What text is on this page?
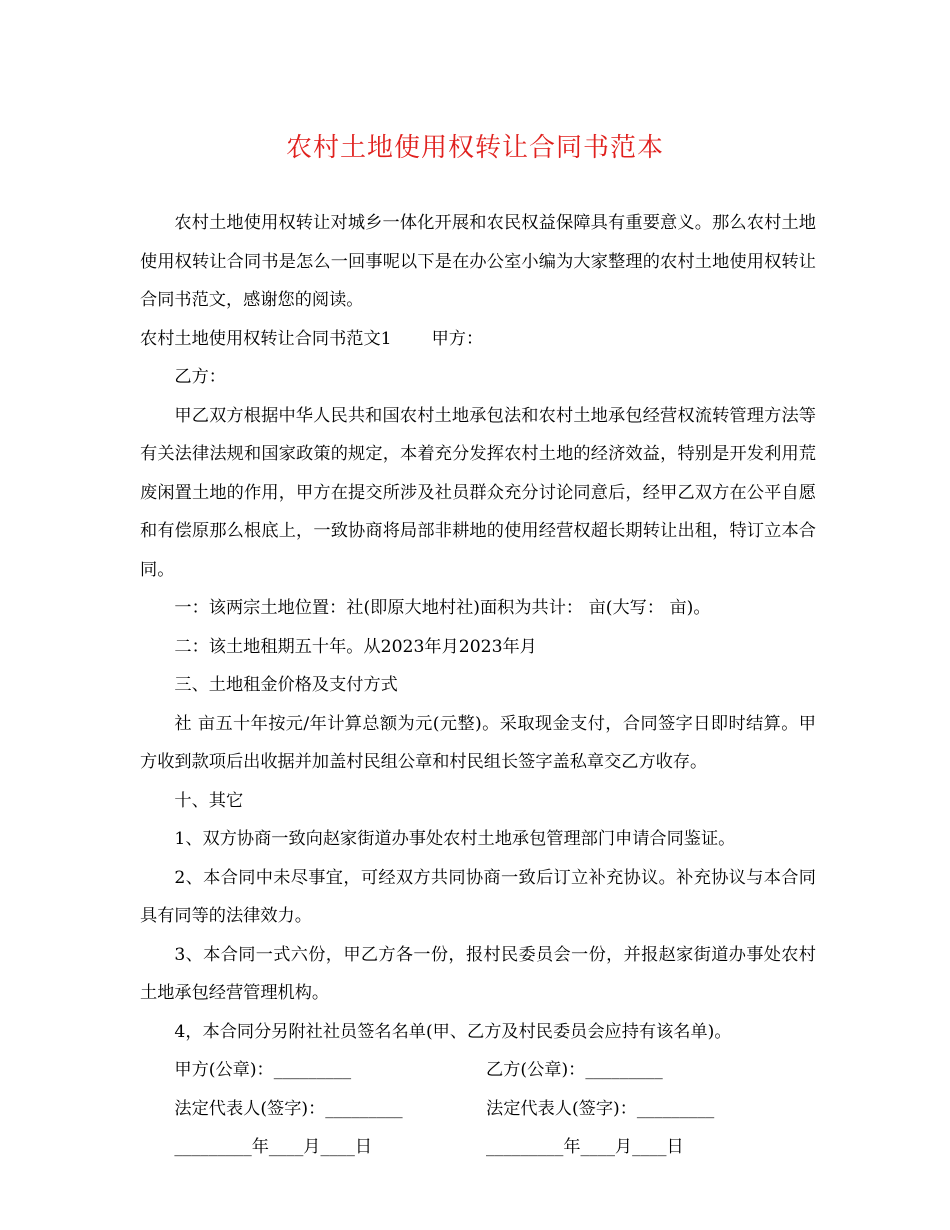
农村土地使用权转让合同书范本

农村土地使用权转让对城乡一体化开展和农民权益保障具有重要意义。那么农村土地使用权转让合同书是怎么一回事呢以下是在办公室小编为大家整理的农村土地使用权转让合同书范文，感谢您的阅读。

农村土地使用权转让合同书范文1 甲方：

乙方：

甲乙双方根据中华人民共和国农村土地承包法和农村土地承包经营权流转管理方法等有关法律法规和国家政策的规定，本着充分发挥农村土地的经济效益，特别是开发利用荒废闲置土地的作用，甲方在提交所涉及社员群众充分讨论同意后，经甲乙双方在公平自愿和有偿原那么根底上，一致协商将局部非耕地的使用经营权超长期转让出租，特订立本合同。

一：该两宗土地位置：社(即原大地村社)面积为共计： 亩(大写： 亩)。

二：该土地租期五十年。从2023年月2023年月

三、土地租金价格及支付方式

社 亩五十年按元/年计算总额为元(元整)。采取现金支付，合同签字日即时结算。甲方收到款项后出收据并加盖村民组公章和村民组长签字盖私章交乙方收存。

十、其它

1、双方协商一致向赵家街道办事处农村土地承包管理部门申请合同鉴证。

2、本合同中未尽事宜，可经双方共同协商一致后订立补充协议。补充协议与本合同具有同等的法律效力。

3、本合同一式六份，甲乙方各一份，报村民委员会一份，并报赵家街道办事处农村土地承包经营管理机构。

4，本合同分另附社社员签名名单(甲、乙方及村民委员会应持有该名单)。

甲方(公章)：_________	乙方(公章)：_________
法定代表人(签字)：_________	法定代表人(签字)：_________
_________年____月____日	_________年____月____日
